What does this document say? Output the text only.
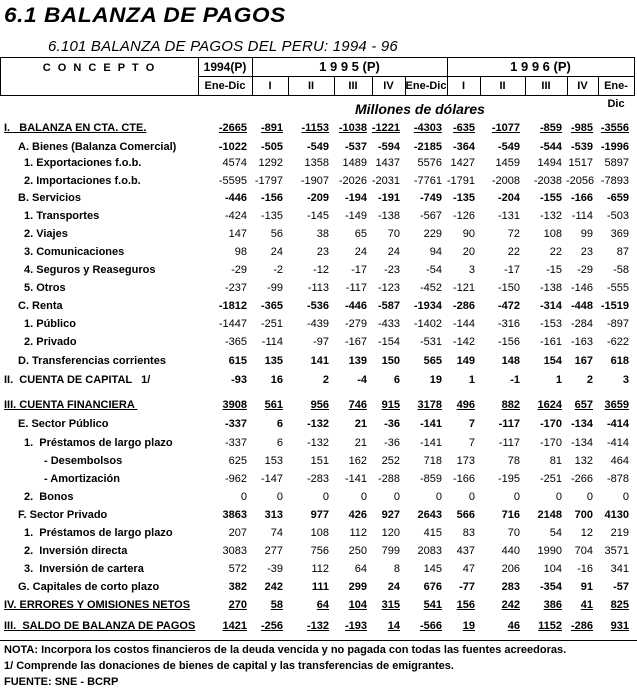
6.1 BALANZA DE PAGOS
6.101 BALANZA DE PAGOS DEL PERU: 1994 - 96
C O N C E P T O	1994(P)	1 9 9 5 (P)	1 9 9 6 (P)
Ene-Dic	I	II	III	IV	Ene-Dic	I	II	III	IV	Ene-Dic
Millones de dólares
I.   BALANZA EN CTA. CTE.	-2665	-891	-1153 -1038 -1221	-4303 -635	-1077	-859 -985 -3556
A. Bienes (Balanza Comercial)	-1022	-505	-549	-537 -594	-2185 -364	-549	-544 -539 -1996
1. Exportaciones f.o.b.	4574	1292	1358	1489 1437	5576 1427	1459	1494 1517	5897
2. Importaciones f.o.b.	-5595 -1797	-1907 -2026 -2031	-7761 -1791	-2008	-2038 -2056 -7893
B. Servicios	-446	-156	-209	-194 -191	-749 -135	-204	-155 -166	-659
1. Transportes	-424	-135	-145	-149 -138	-567 -126	-131	-132 -114	-503
2. Viajes	147	56	38	65	70	229	90	72	108	99	369
3. Comunicaciones	98	24	23	24	24	94	20	22	22	23	87
4. Seguros y Reaseguros	-29	-2	-12	-17	-23	-54	3	-17	-15	-29	-58
5. Otros	-237	-99	-113	-117 -123	-452 -121	-150	-138 -146	-555
C. Renta	-1812	-365	-536	-446 -587	-1934 -286	-472	-314 -448 -1519
1. Público	-1447	-251	-439	-279 -433	-1402 -144	-316	-153 -284	-897
2. Privado	-365	-114	-97	-167 -154	-531 -142	-156	-161 -163	-622
D. Transferencias corrientes	615	135	141	139	150	565	149	148	154	167	618
II.  CUENTA DE CAPITAL   1/	-93	16	2	-4	6	19	1	-1	1	2	3
III. CUENTA FINANCIERA	3908	561	956	746	915	3178	496	882	1624	657	3659
E. Sector Público	-337	6	-132	21	-36	-141	7	-117	-170 -134	-414
1.  Préstamos de largo plazo	-337	6	-132	21	-36	-141	7	-117	-170 -134	-414
- Desembolsos	625	153	151	162	252	718	173	78	81	132	464
- Amortización	-962	-147	-283	-141 -288	-859 -166	-195	-251 -266	-878
2.  Bonos	0	0	0	0	0	0	0	0	0	0	0
F. Sector Privado	3863	313	977	426	927	2643	566	716	2148	700	4130
1.  Préstamos de largo plazo	207	74	108	112	120	415	83	70	54	12	219
2.  Inversión directa	3083	277	756	250	799	2083	437	440	1990	704	3571
3.  Inversión de cartera	572	-39	112	64	8	145	47	206	104	-16	341
G. Capitales de corto plazo	382	242	111	299	24	676	-77	283	-354	91	-57
IV. ERRORES Y OMISIONES NETOS	270	58	64	104	315	541	156	242	386	41	825
III.  SALDO DE BALANZA DE PAGOS	1421	-256	-132	-193	14	-566	19	46	1152 -286	931
NOTA: Incorpora los costos financieros de la deuda vencida y no pagada con todas las fuentes acreedoras.
1/ Comprende las donaciones de bienes de capital y las transferencias de emigrantes.
FUENTE: SNE - BCRP
